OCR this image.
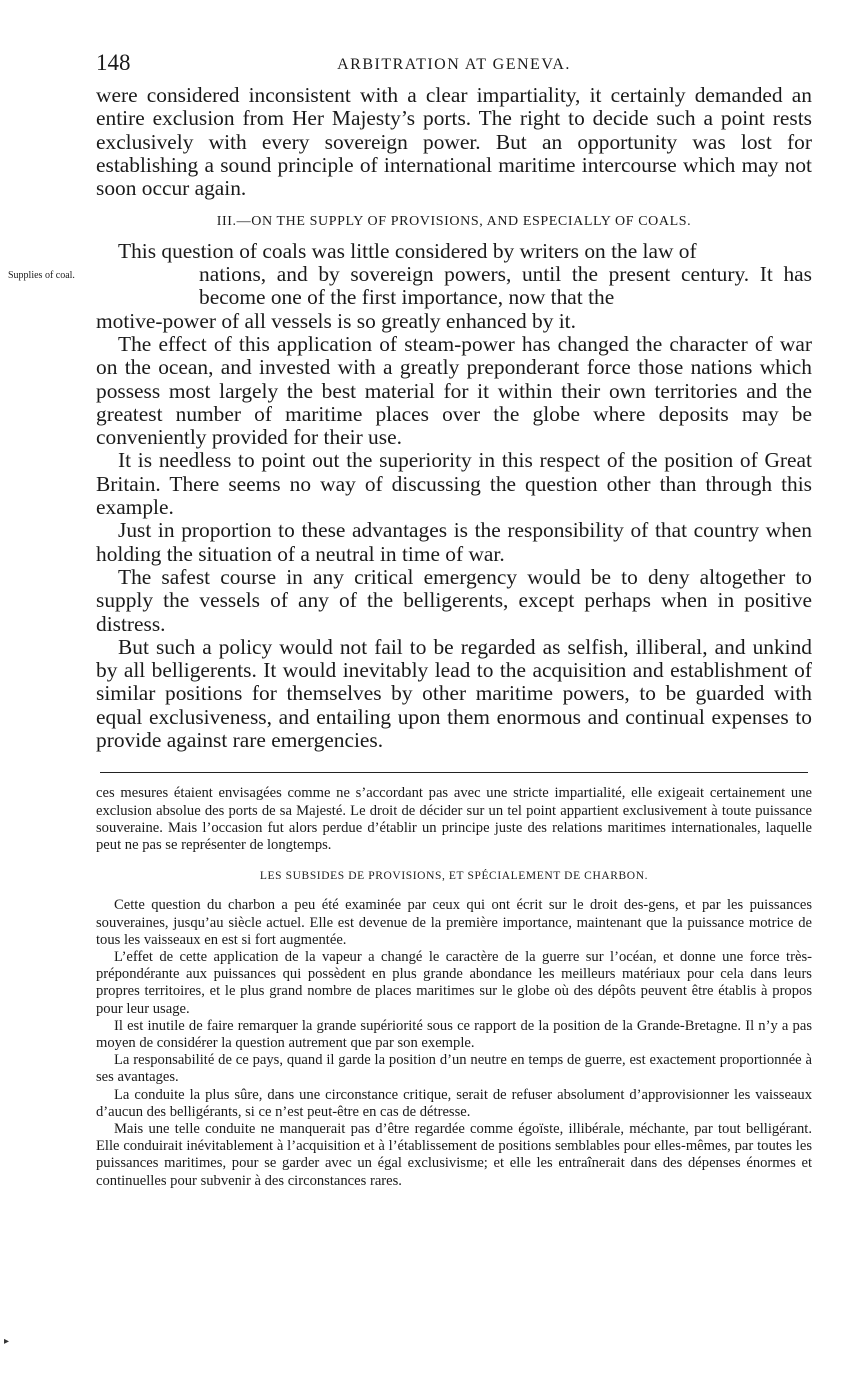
148	ARBITRATION AT GENEVA.

were considered inconsistent with a clear impartiality, it certainly demanded an entire exclusion from Her Majesty’s ports. The right to decide such a point rests exclusively with every sovereign power. But an opportunity was lost for establishing a sound principle of international maritime intercourse which may not soon occur again.

III.—ON THE SUPPLY OF PROVISIONS, AND ESPECIALLY OF COALS.
Supplies of coal.

This question of coals was little considered by writers on the law of

nations, and by sovereign powers, until the present century. It has become one of the first importance, now that the

motive-power of all vessels is so greatly enhanced by it.

The effect of this application of steam-power has changed the character of war on the ocean, and invested with a greatly preponderant force those nations which possess most largely the best material for it within their own territories and the greatest number of maritime places over the globe where deposits may be conveniently provided for their use.

It is needless to point out the superiority in this respect of the position of Great Britain. There seems no way of discussing the question other than through this example.

Just in proportion to these advantages is the responsibility of that country when holding the situation of a neutral in time of war.

The safest course in any critical emergency would be to deny altogether to supply the vessels of any of the belligerents, except perhaps when in positive distress.

But such a policy would not fail to be regarded as selfish, illiberal, and unkind by all belligerents. It would inevitably lead to the acquisition and establishment of similar positions for themselves by other maritime powers, to be guarded with equal exclusiveness, and entailing upon them enormous and continual expenses to provide against rare emergencies.

ces mesures étaient envisagées comme ne s’accordant pas avec une stricte impartialité, elle exigeait certainement une exclusion absolue des ports de sa Majesté. Le droit de décider sur un tel point appartient exclusivement à toute puissance souveraine. Mais l’occasion fut alors perdue d’établir un principe juste des relations maritimes internationales, laquelle peut ne pas se représenter de longtemps.

LES SUBSIDES DE PROVISIONS, ET SPÉCIALEMENT DE CHARBON.

Cette question du charbon a peu été examinée par ceux qui ont écrit sur le droit des-gens, et par les puissances souveraines, jusqu’au siècle actuel. Elle est devenue de la première importance, maintenant que la puissance motrice de tous les vaisseaux en est si fort augmentée.

L’effet de cette application de la vapeur a changé le caractère de la guerre sur l’océan, et donne une force très-prépondérante aux puissances qui possèdent en plus grande abondance les meilleurs matériaux pour cela dans leurs propres territoires, et le plus grand nombre de places maritimes sur le globe où des dépôts peuvent être établis à propos pour leur usage.

Il est inutile de faire remarquer la grande supériorité sous ce rapport de la position de la Grande-Bretagne. Il n’y a pas moyen de considérer la question autrement que par son exemple.

La responsabilité de ce pays, quand il garde la position d’un neutre en temps de guerre, est exactement proportionnée à ses avantages.

La conduite la plus sûre, dans une circonstance critique, serait de refuser absolument d’approvisionner les vaisseaux d’aucun des belligérants, si ce n’est peut-être en cas de détresse.

Mais une telle conduite ne manquerait pas d’être regardée comme égoïste, illibérale, méchante, par tout belligérant. Elle conduirait inévitablement à l’acquisition et à l’établissement de positions semblables pour elles-mêmes, par toutes les puissances maritimes, pour se garder avec un égal exclusivisme; et elle les entraînerait dans des dépenses énormes et continuelles pour subvenir à des circonstances rares.

▸
